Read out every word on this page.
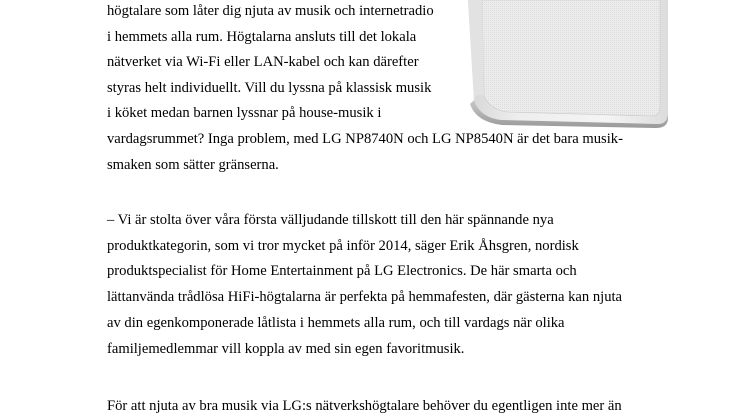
högtalare som låter dig njuta av musik och internetradio
i hemmets alla rum. Högtalarna ansluts till det lokala
nätverket via Wi-Fi eller LAN-kabel och kan därefter
styras helt individuellt. Vill du lyssna på klassisk musik
i köket medan barnen lyssnar på house-musik i
vardagsrummet? Inga problem, med LG NP8740N och LG NP8540N är det bara musik-
smaken som sätter gränserna.
– Vi är stolta över våra första välljudande tillskott till den här spännande nya
produktkategorin, som vi tror mycket på inför 2014, säger Erik Åhsgren, nordisk
produktspecialist för Home Entertainment på LG Electronics. De här smarta och
lättanvända trådlösa HiFi-högtalarna är perfekta på hemmafesten, där gästerna kan njuta
av din egenkomponerade låtlista i hemmets alla rum, och till vardags när olika
familjemedlemmar vill koppla av med sin egen favoritmusik.
För att njuta av bra musik via LG:s nätverkshögtalare behöver du egentligen inte mer än
